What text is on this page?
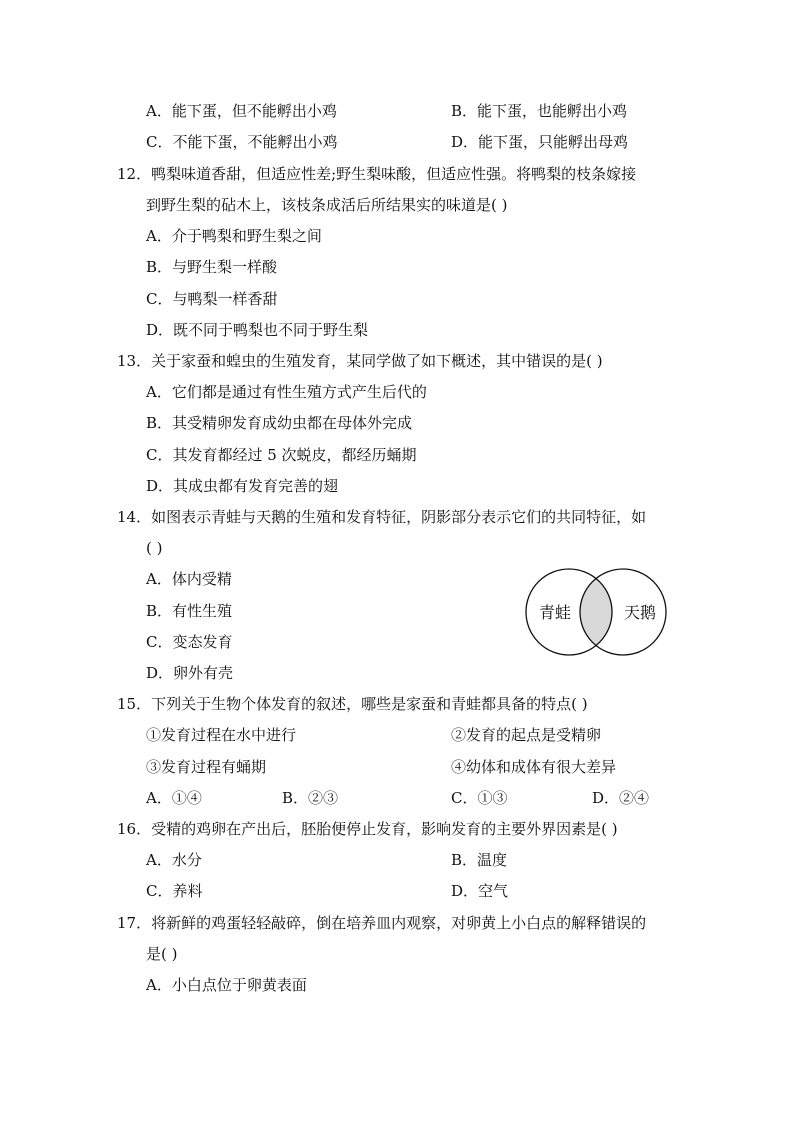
A．能下蛋，但不能孵出小鸡	B．能下蛋，也能孵出小鸡
C．不能下蛋，不能孵出小鸡	D．能下蛋，只能孵出母鸡
12．鸭梨味道香甜，但适应性差;野生梨味酸，但适应性强。将鸭梨的枝条嫁接
到野生梨的砧木上，该枝条成活后所结果实的味道是( )
A．介于鸭梨和野生梨之间
B．与野生梨一样酸
C．与鸭梨一样香甜
D．既不同于鸭梨也不同于野生梨
13．关于家蚕和蝗虫的生殖发育，某同学做了如下概述，其中错误的是( )
A．它们都是通过有性生殖方式产生后代的
B．其受精卵发育成幼虫都在母体外完成
C．其发育都经过 5 次蜕皮，都经历蛹期
D．其成虫都有发育完善的翅
14．如图表示青蛙与天鹅的生殖和发育特征，阴影部分表示它们的共同特征，如
( )
A．体内受精
B．有性生殖
C．变态发育
D．卵外有壳
青蛙	天鹅
15．下列关于生物个体发育的叙述，哪些是家蚕和青蛙都具备的特点( )
①发育过程在水中进行	②发育的起点是受精卵
③发育过程有蛹期	④幼体和成体有很大差异
A．①④	B．②③	C．①③	D．②④
16．受精的鸡卵在产出后，胚胎便停止发育，影响发育的主要外界因素是( )
A．水分	B．温度
C．养料	D．空气
17．将新鲜的鸡蛋轻轻敲碎，倒在培养皿内观察，对卵黄上小白点的解释错误的
是( )
A．小白点位于卵黄表面
